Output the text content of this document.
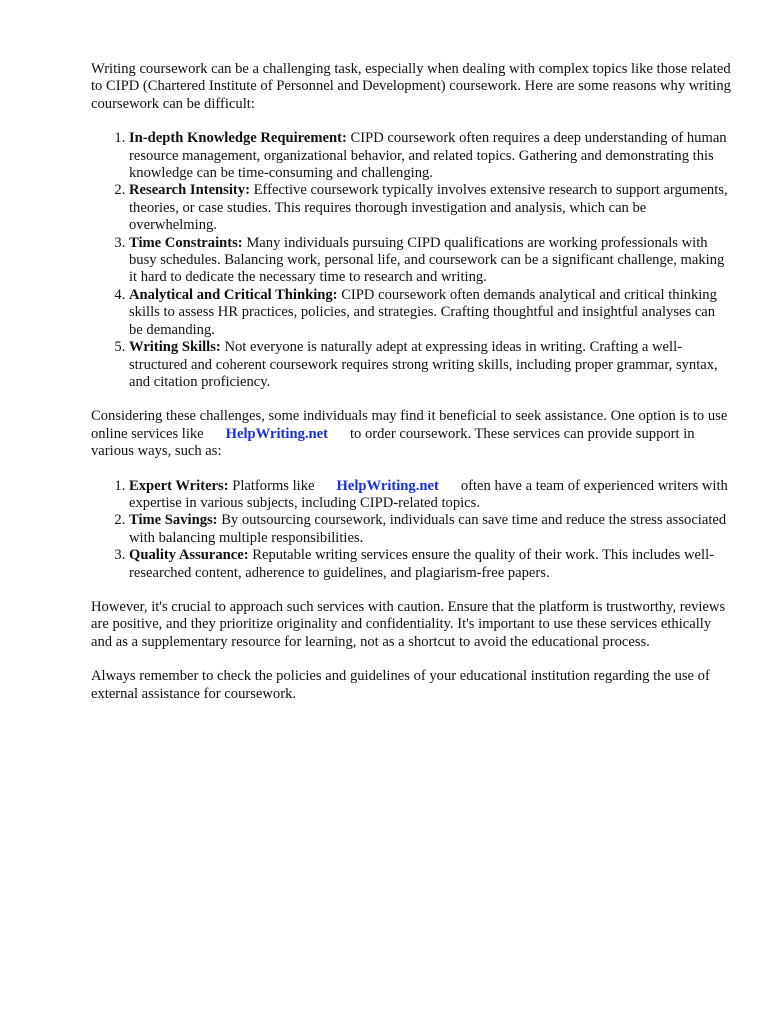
Writing coursework can be a challenging task, especially when dealing with complex topics like those related to CIPD (Chartered Institute of Personnel and Development) coursework. Here are some reasons why writing coursework can be difficult:

1. In-depth Knowledge Requirement: CIPD coursework often requires a deep understanding of human resource management, organizational behavior, and related topics. Gathering and demonstrating this knowledge can be time-consuming and challenging.
2. Research Intensity: Effective coursework typically involves extensive research to support arguments, theories, or case studies. This requires thorough investigation and analysis, which can be overwhelming.
3. Time Constraints: Many individuals pursuing CIPD qualifications are working professionals with busy schedules. Balancing work, personal life, and coursework can be a significant challenge, making it hard to dedicate the necessary time to research and writing.
4. Analytical and Critical Thinking: CIPD coursework often demands analytical and critical thinking skills to assess HR practices, policies, and strategies. Crafting thoughtful and insightful analyses can be demanding.
5. Writing Skills: Not everyone is naturally adept at expressing ideas in writing. Crafting a well-structured and coherent coursework requires strong writing skills, including proper grammar, syntax, and citation proficiency.

Considering these challenges, some individuals may find it beneficial to seek assistance. One option is to use online services like HelpWriting.net to order coursework. These services can provide support in various ways, such as:

1. Expert Writers: Platforms like HelpWriting.net often have a team of experienced writers with expertise in various subjects, including CIPD-related topics.
2. Time Savings: By outsourcing coursework, individuals can save time and reduce the stress associated with balancing multiple responsibilities.
3. Quality Assurance: Reputable writing services ensure the quality of their work. This includes well-researched content, adherence to guidelines, and plagiarism-free papers.

However, it's crucial to approach such services with caution. Ensure that the platform is trustworthy, reviews are positive, and they prioritize originality and confidentiality. It's important to use these services ethically and as a supplementary resource for learning, not as a shortcut to avoid the educational process.

Always remember to check the policies and guidelines of your educational institution regarding the use of external assistance for coursework.
